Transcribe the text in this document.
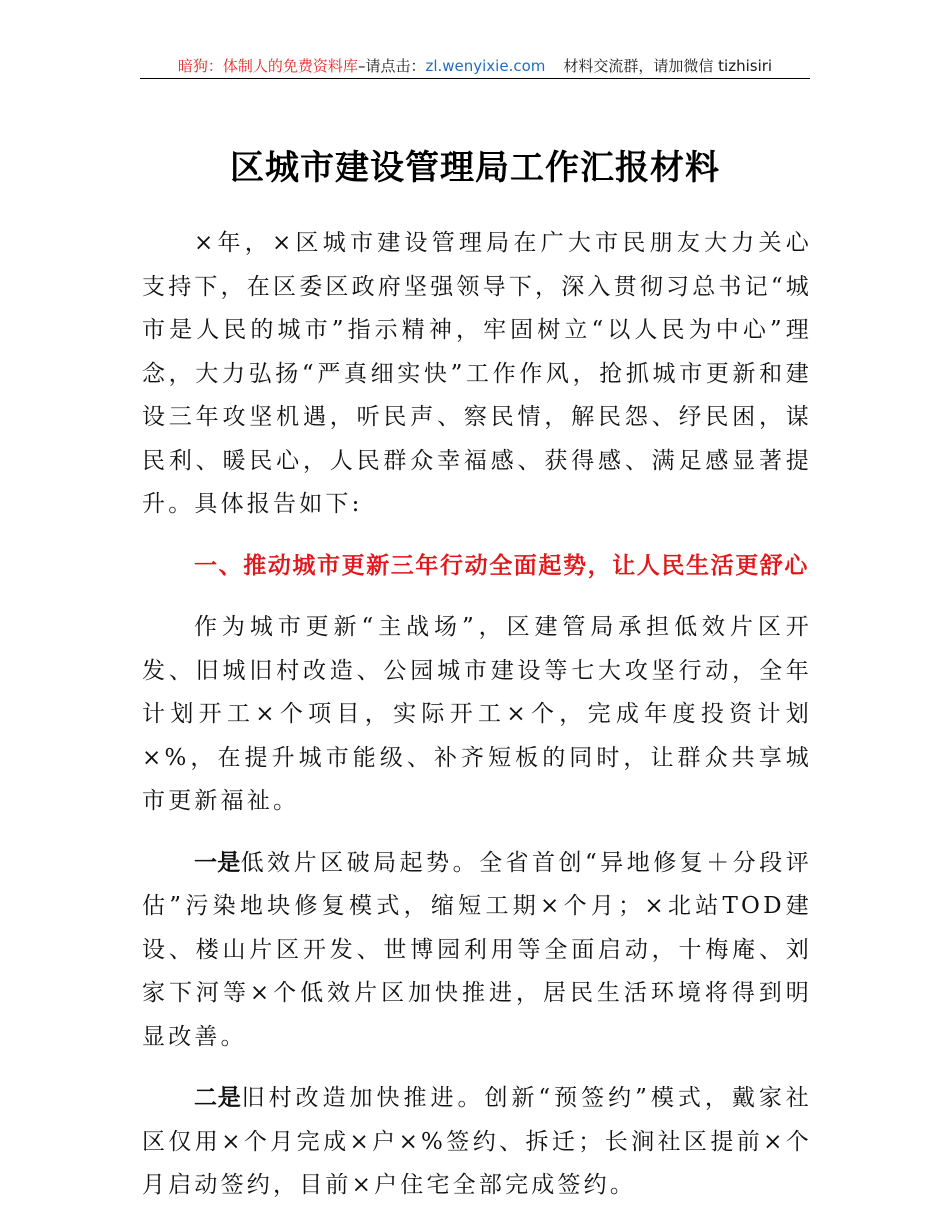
暗狗：体制人的免费资料库–请点击：zl.wenyixie.com 材料交流群，请加微信 tizhisiri
区城市建设管理局工作汇报材料

×年，×区城市建设管理局在广大市民朋友大力关心支持下，在区委区政府坚强领导下，深入贯彻习总书记“城市是人民的城市”指示精神，牢固树立“以人民为中心”理念，大力弘扬“严真细实快”工作作风，抢抓城市更新和建设三年攻坚机遇，听民声、察民情，解民怨、纾民困，谋民利、暖民心，人民群众幸福感、获得感、满足感显著提升。具体报告如下:

一、推动城市更新三年行动全面起势，让人民生活更舒心

作为城市更新“主战场”，区建管局承担低效片区开发、旧城旧村改造、公园城市建设等七大攻坚行动，全年计划开工×个项目，实际开工×个，完成年度投资计划×%，在提升城市能级、补齐短板的同时，让群众共享城市更新福祉。

一是低效片区破局起势。全省首创“异地修复＋分段评估”污染地块修复模式，缩短工期×个月；×北站TOD建设、楼山片区开发、世博园利用等全面启动，十梅庵、刘家下河等×个低效片区加快推进，居民生活环境将得到明显改善。

二是旧村改造加快推进。创新“预签约”模式，戴家社区仅用×个月完成×户×%签约、拆迁；长涧社区提前×个月启动签约，目前×户住宅全部完成签约。
